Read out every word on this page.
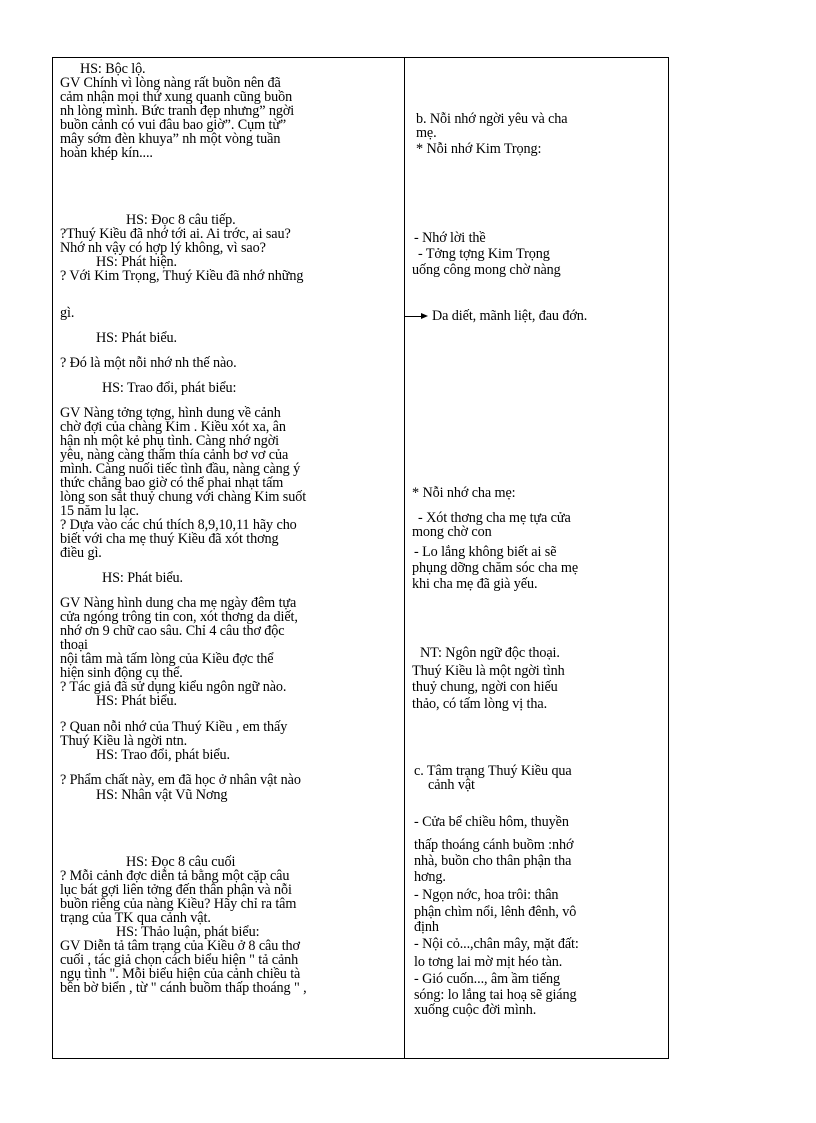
HS: Bộc lộ.
GV Chính vì lòng nàng rất buồn nên đã
cảm nhận mọi thứ xung quanh cũng buồn
nh lòng mình. Bức tranh đẹp nhưng” ngời
buồn cảnh có vui đâu bao giờ”. Cụm từ”
mây sớm đèn khuya” nh một vòng tuần
hoàn khép kín....
HS: Đọc 8 câu tiếp.
?Thuý Kiều đã nhớ tới ai. Ai trớc, ai sau?
Nhớ nh vậy có hợp lý không, vì sao?
HS: Phát hiện.
? Với Kim Trọng, Thuý Kiều đã nhớ những
gì.
HS: Phát biểu.
? Đó là một nỗi nhớ nh thế nào.
HS: Trao đổi, phát biểu:
GV Nàng tởng tợng, hình dung về cảnh
chờ đợi của chàng Kim . Kiều xót xa, ân
hận nh một kẻ phụ tình. Càng nhớ ngời
yêu, nàng càng thấm thía cảnh bơ vơ của
mình. Càng nuối tiếc tình đầu, nàng càng ý
thức chẳng bao giờ có thể phai nhạt tấm
lòng son sắt thuỷ chung với chàng Kim suốt
15 năm lu lạc.
? Dựa vào các chú thích 8,9,10,11 hãy cho
biết với cha mẹ thuý Kiều đã xót thơng
điều gì.
HS: Phát biểu.
GV Nàng hình dung cha mẹ ngày đêm tựa
cửa ngóng trông tin con, xót thơng da diết,
nhớ ơn 9 chữ cao sâu. Chỉ 4 câu thơ độc
thoại
nội tâm mà tấm lòng của Kiều đợc thể
hiện sinh động cụ thể.
? Tác giả đã sử dụng kiểu ngôn ngữ nào.
HS: Phát biểu.
? Quan nỗi nhớ của Thuý Kiều , em thấy
Thuý Kiều là ngời ntn.
HS: Trao đổi, phát biểu.
? Phẩm chất này, em đã học ở nhân vật nào
HS: Nhân vật Vũ Nơng
HS: Đọc 8 câu cuối
? Mỗi cảnh đợc diễn tả bằng một cặp câu
lục bát gợi liên tởng đến thân phận và nỗi
buồn riêng của nàng Kiều? Hãy chỉ ra tâm
trạng của TK qua cảnh vật.
HS: Thảo luận, phát biểu:
GV Diễn tả tâm trạng của Kiều ở 8 câu thơ
cuối , tác giả chọn cách biểu hiện " tả cảnh
ngụ tình ". Mỗi biểu hiện của cảnh chiều tà
bên bờ biển , từ " cánh buồm thấp thoáng " ,
b. Nỗi nhớ ngời yêu và cha
mẹ.
* Nỗi nhớ Kim Trọng:
- Nhớ lời thề
- Tởng tợng Kim Trọng
uống công mong chờ nàng
Da diết, mãnh liệt, đau đớn.
* Nỗi nhớ cha mẹ:
- Xót thơng cha mẹ tựa cửa
mong chờ con
- Lo lắng không biết ai sẽ
phụng dỡng chăm sóc cha mẹ
khi cha mẹ đã già yếu.
NT: Ngôn ngữ độc thoại.
Thuý Kiều là một ngời tình
thuỷ chung, ngời con hiếu
thảo, có tấm lòng vị tha.
c. Tâm trạng Thuý Kiều qua
cảnh vật
- Cửa bể chiều hôm, thuyền
thấp thoáng cánh buồm :nhớ
nhà, buồn cho thân phận tha
hơng.
- Ngọn nớc, hoa trôi: thân
phận chìm nổi, lênh đênh, vô
định
- Nội cỏ...,chân mây, mặt đất:
lo tơng lai mờ mịt héo tàn.
- Gió cuốn..., âm ầm tiếng
sóng: lo lắng tai hoạ sẽ giáng
xuống cuộc đời mình.
